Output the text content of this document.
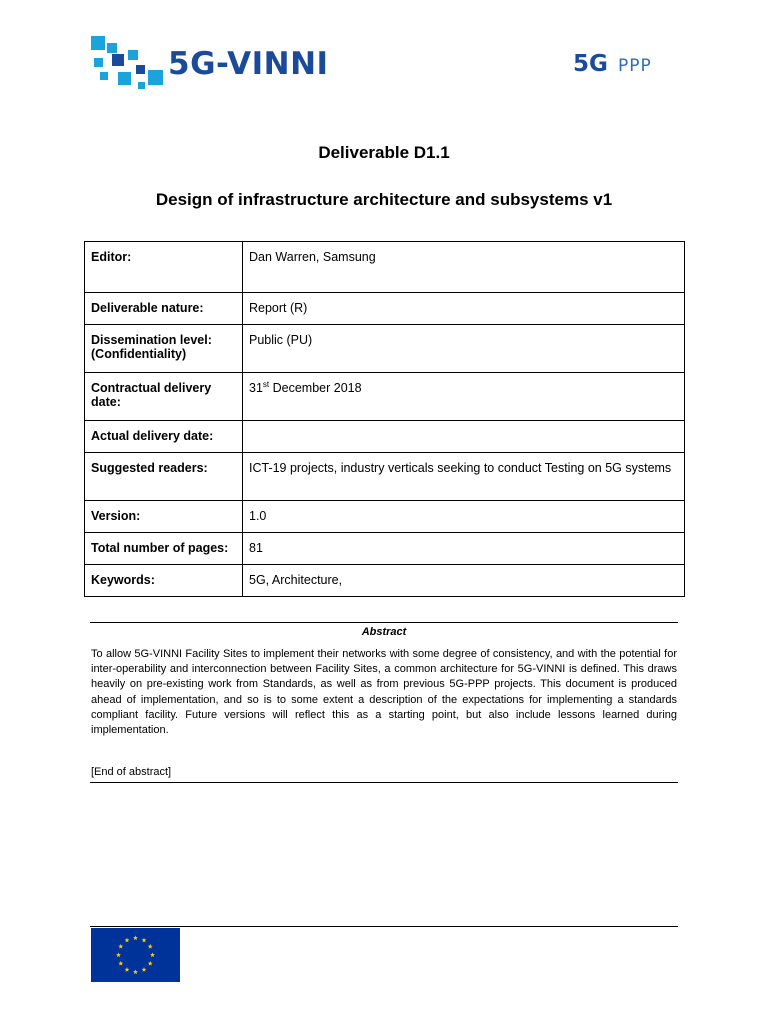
5G-VINNI	5G PPP
Deliverable D1.1
Design of infrastructure architecture and subsystems v1
Editor:	Dan Warren, Samsung
Deliverable nature:	Report (R)
Dissemination level:
(Confidentiality)	Public (PU)
Contractual delivery date:	31st December 2018
Actual delivery date:	
Suggested readers:	ICT-19 projects, industry verticals seeking to conduct Testing on 5G systems
Version:	1.0
Total number of pages:	81
Keywords:	5G, Architecture,
Abstract
To allow 5G-VINNI Facility Sites to implement their networks with some degree of consistency, and with the potential for inter-operability and interconnection between Facility Sites, a common architecture for 5G-VINNI is defined. This draws heavily on pre-existing work from Standards, as well as from previous 5G-PPP projects. This document is produced ahead of implementation, and so is to some extent a description of the expectations for implementing a standards compliant facility. Future versions will reflect this as a starting point, but also include lessons learned during implementation.
[End of abstract]
